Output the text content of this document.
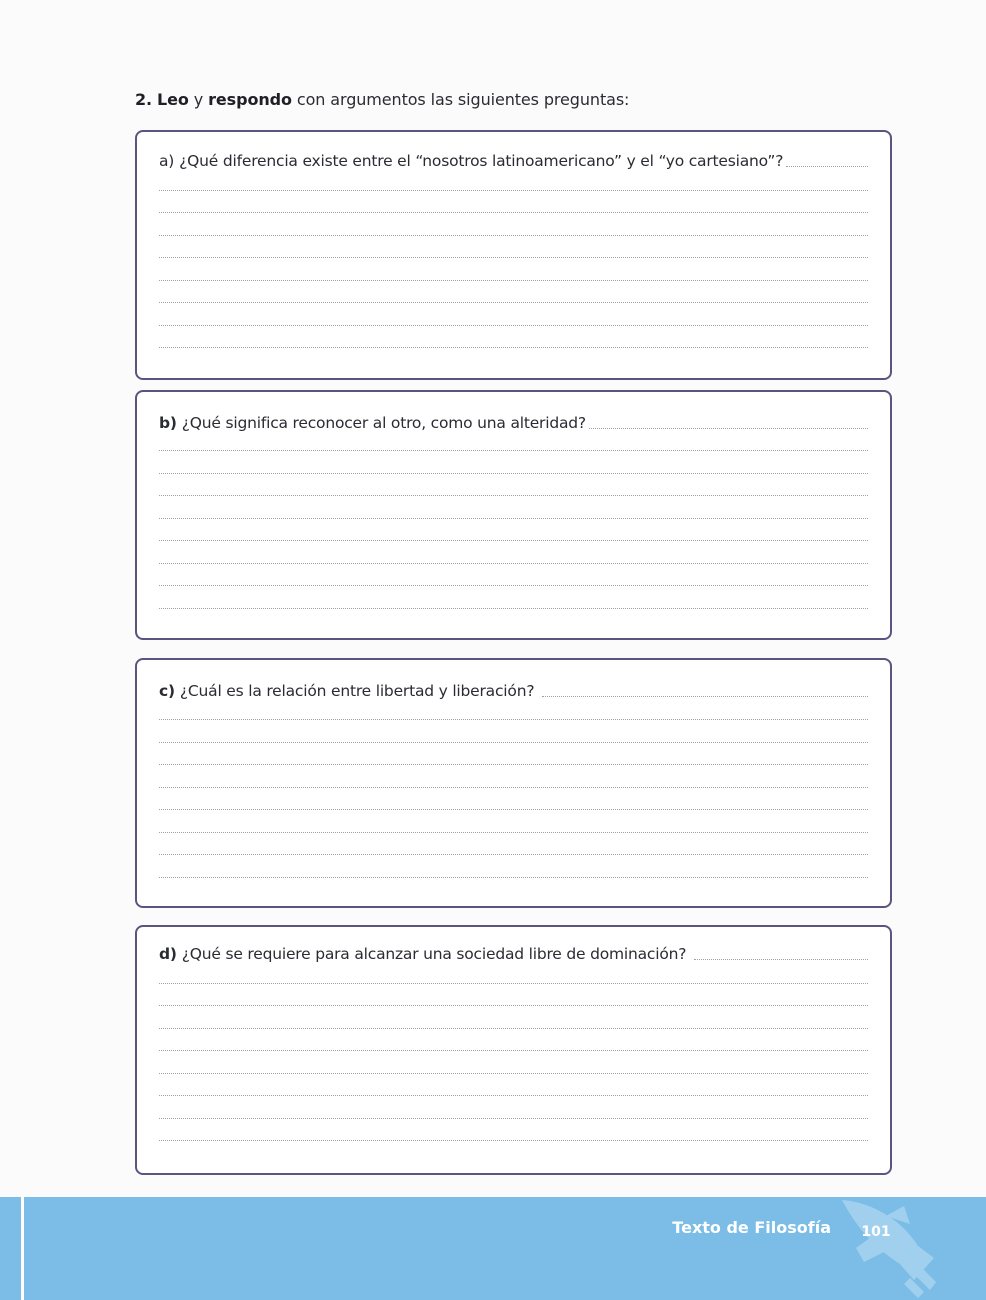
2. Leo y respondo con argumentos las siguientes preguntas:
a) ¿Qué diferencia existe entre el “nosotros latinoamericano” y el “yo cartesiano”?
b) ¿Qué significa reconocer al otro, como una alteridad?
c) ¿Cuál es la relación entre libertad y liberación?
d) ¿Qué se requiere para alcanzar una sociedad libre de dominación?
Texto de Filosofía 101
